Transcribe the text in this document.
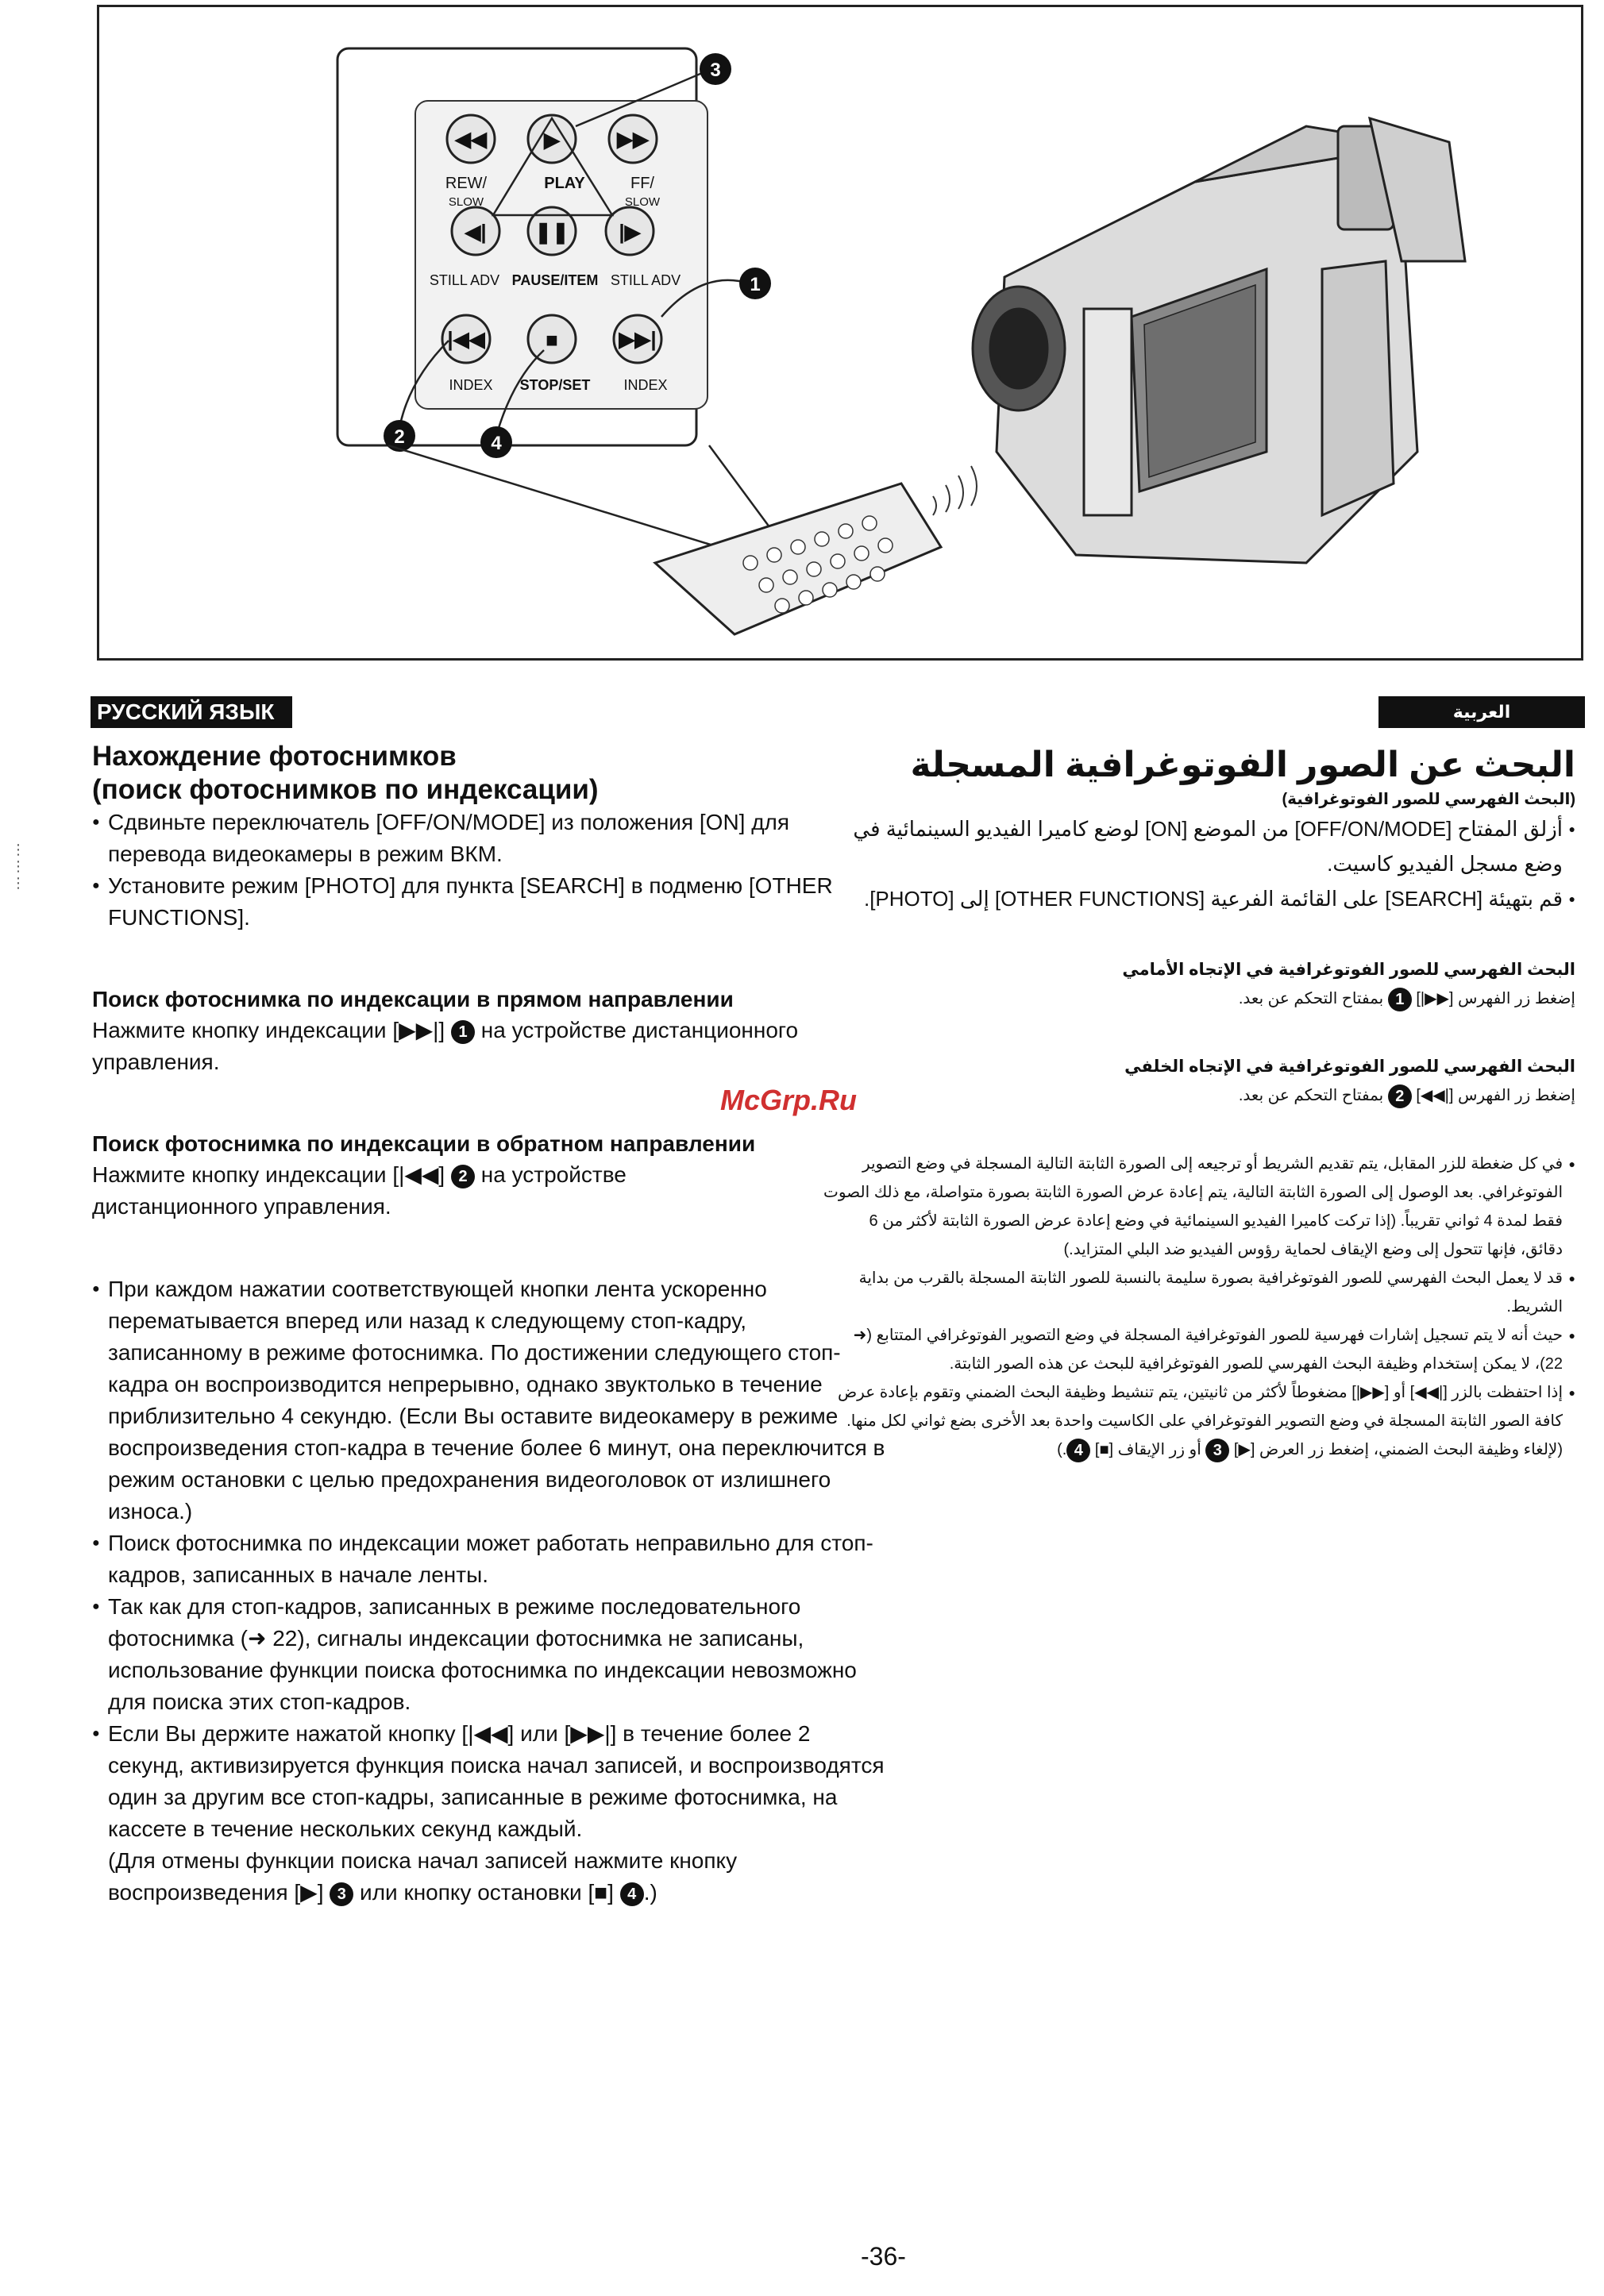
◀◀	▶	▶▶
❚❚
◀|	|▶
|◀◀	■	▶▶|
REW/
SLOW
PLAY	FF/
SLOW
STILL ADV PAUSE/ITEM STILL ADV
INDEX STOP/SET INDEX
3
1
2	4
РУССКИЙ ЯЗЫК	العربية

Нахождение фотоснимков

(поиск фотоснимков по индексации)

● Сдвиньте переключатель [OFF/ON/MODE] из положения [ON] для перевода видеокамеры в режим ВКМ.

● Установите режим [PHOTO] для пункта [SEARCH] в подменю [OTHER FUNCTIONS].

Поиск фотоснимка по индексации в прямом направлении

Нажмите кнопку индексации [▶▶|] 1 на устройстве дистанционного управления.

Поиск фотоснимка по индексации в обратном направлении

Нажмите кнопку индексации [|◀◀] 2 на устройстве
дистанционного управления.

● При каждом нажатии соответствующей кнопки лента ускоренно перематывается вперед или назад к следующему стоп-кадру, записанному в режиме фотоснимка. По достижении следующего стоп-кадра он воспроизводится непрерывно, однако звуктолько в течение приблизительно 4 секундю. (Если Вы оставите видеокамеру в режиме воспроизведения стоп-кадра в течение более 6 минут, она переключится в режим остановки с целью предохранения видеоголовок от излишнего износа.)

● Поиск фотоснимка по индексации может работать неправильно для стоп-кадров, записанных в начале ленты.

● Так как для стоп-кадров, записанных в режиме последовательного фотоснимка (➜ 22), сигналы индексации фотоснимка не записаны, использование функции поиска фотоснимка по индексации невозможно для поиска этих стоп-кадров.

● Если Вы держите нажатой кнопку [|◀◀] или [▶▶|] в течение более 2 секунд, активизируется функция поиска начал записей, и воспроизводятся один за другим все стоп-кадры, записанные в режиме фотоснимка, на кассете в течение нескольких секунд каждый.

(Для отмены функции поиска начал записей нажмите кнопку воспроизведения [▶] 3 или кнопку остановки [■] 4 .)

البحث عن الصور الفوتوغرافية المسجلة

(البحث الفهرسي للصور الفوتوغرافية)

● أزلق المفتاح [OFF/ON/MODE] من الموضع [ON] لوضع كاميرا الفيديو السينمائية في وضع مسجل الفيديو كاسيت.

● قم بتهيئة [SEARCH] على القائمة الفرعية [OTHER FUNCTIONS] إلى [PHOTO].

البحث الفهرسي للصور الفوتوغرافية في الإتجاه الأمامي

إضغط زر الفهرس [▶▶|] 1 بمفتاح التحكم عن بعد.

البحث الفهرسي للصور الفوتوغرافية في الإتجاه الخلفي

إضغط زر الفهرس [|◀◀] 2 بمفتاح التحكم عن بعد.

● في كل ضغطة للزر المقابل، يتم تقديم الشريط أو ترجيعه إلى الصورة الثابتة التالية المسجلة في وضع التصوير الفوتوغرافي. بعد الوصول إلى الصورة الثابتة التالية، يتم إعادة عرض الصورة الثابتة بصورة متواصلة، مع ذلك الصوت فقط لمدة 4 ثواني تقريباً. (إذا تركت كاميرا الفيديو السينمائية في وضع إعادة عرض الصورة الثابتة لأكثر من 6 دقائق، فإنها تتحول إلى وضع الإيقاف لحماية رؤوس الفيديو ضد البلي المتزايد.)

● قد لا يعمل البحث الفهرسي للصور الفوتوغرافية بصورة سليمة بالنسبة للصور الثابتة المسجلة بالقرب من بداية الشريط.

● حيث أنه لا يتم تسجيل إشارات فهرسية للصور الفوتوغرافية المسجلة في وضع التصوير الفوتوغرافي المتتابع (➜ 22)، لا يمكن إستخدام وظيفة البحث الفهرسي للصور الفوتوغرافية للبحث عن هذه الصور الثابتة.

● إذا احتفظت بالزر [|◀◀] أو [▶▶|] مضغوطاً لأكثر من ثانيتين، يتم تنشيط وظيفة البحث الضمني وتقوم بإعادة عرض كافة الصور الثابتة المسجلة في وضع التصوير الفوتوغرافي على الكاسيت واحدة بعد الأخرى بضع ثواني لكل منها.

(لإلغاء وظيفة البحث الضمني، إضغط زر العرض [▶] 3 أو زر الإيقاف [■] 4.)

McGrp.Ru
-36-
⋮
⋮
⋮
